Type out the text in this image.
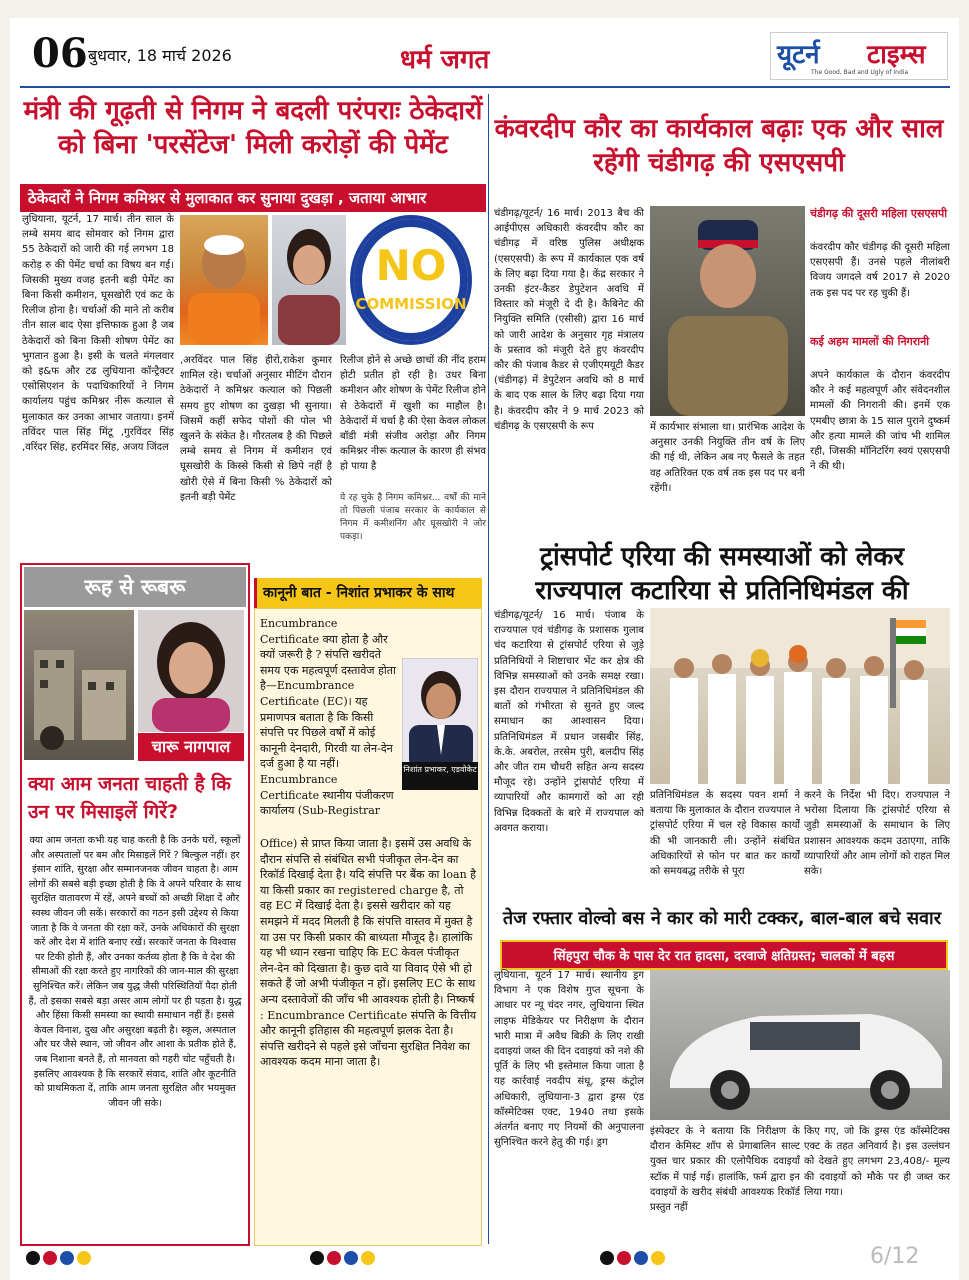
06 बुधवार, 18 मार्च 2026	धर्म जगत	यूटर्न टाइम्स
The Good, Bad and Ugly of India
मंत्री की गूढ़ती से निगम ने बदली परंपराः ठेकेदारों को बिना 'परसेंटेज' मिली करोड़ों की पेमेंट
ठेकेदारों ने निगम कमिश्नर से मुलाकात कर सुनाया दुखड़ा , जताया आभार
लुधियाना, यूटर्न, 17 मार्च। तीन साल के लम्बे समय बाद सोमवार को निगम द्वारा 55 ठेकेदारों को जारी की गई लगभग 18 करोड़ रु की पेमेंट चर्चा का विषय बन गई। जिसकी मुख्य वजह इतनी बड़ी पेमेंट का बिना किसी कमीशन, घूसखोरी एवं कट के रिलीज होना है। चर्चाओं की माने तो करीब तीन साल बाद ऐसा इत्तिफाक हुआ है जब ठेकेदारों को बिना किसी शोषण पेमेंट का भुगतान हुआ है। इसी के चलते मंगलवार को इ&फ और टढ लुधियाना कॉन्ट्रैक्टर एसोसिएशन के पदाधिकारियों ने निगम कार्यालय पहुंच कमिश्नर नीरू कत्याल से मुलाकात कर उनका आभार जताया। इनमें तविंदर पाल सिंह मिंटू ,गुरविंदर सिंह ,वरिंदर सिंह, हरमिंदर सिंह, अजय जिंदल
NO
COMMISSION
,अरविंदर पाल सिंह हीरो,राकेश कुमार शामिल रहे। चर्चाओं अनुसार मीटिंग दौरान ठेकेदारों ने कमिश्नर कत्याल को पिछली समय हुए शोषण का दुखड़ा भी सुनाया। जिसमें कहीं सफेद पोशों की पोल भी खुलने के संकेत है। गौरतलब है की पिछले लम्बे समय से निगम में कमीशन एवं घूसखोरी के किस्से किसी से छिपे नहीं है खोरी ऐसे में बिना किसी % ठेकेदारों को इतनी बड़ी पेमेंट
रिलीज होने से अच्छे छाचों की नींद हराम होटी प्रतीत हो रही है। उधर बिना कमीशन और शोषण के पेमेंट रिलीज होने से ठेकेदारों में खुशी का माहौल है। ठेकेदारों में चर्चा है की ऐसा केवल लोकल बॉडी मंत्री संजीव अरोड़ा और निगम कमिश्नर नीरू कत्याल के कारण ही संभव हो पाया है
ये रह चुके है निगम कमिश्नर... वर्षों की माने तो पिछली पंजाब सरकार के कार्यकाल से निगम में कमीशनिंग और घूसखोरी ने जोर पकड़ा।
कंवरदीप कौर का कार्यकाल बढ़ाः एक और साल रहेंगी चंडीगढ़ की एसएसपी
चंडीगढ़/यूटर्न/ 16 मार्च। 2013 बैच की आईपीएस अधिकारी कंवरदीप कौर का चंडीगढ़ में वरिष्ठ पुलिस अधीक्षक (एसएसपी) के रूप में कार्यकाल एक वर्ष के लिए बढ़ा दिया गया है। केंद्र सरकार ने उनकी इंटर-कैडर डेपुटेशन अवधि में विस्तार को मंजूरी दे दी है। कैबिनेट की नियुक्ति समिति (एसीसी) द्वारा 16 मार्च को जारी आदेश के अनुसार गृह मंत्रालय के प्रस्ताव को मंजूरी देते हुए कंवरदीप कौर की पंजाब कैडर से एजीएमयूटी कैडर (चंडीगढ़) में डेपुटेशन अवधि को 8 मार्च के बाद एक साल के लिए बढ़ा दिया गया है। कंवरदीप कौर ने 9 मार्च 2023 को चंडीगढ़ के एसएसपी के रूप	में कार्यभार संभाला था। प्रारंभिक आदेश के अनुसार उनकी नियुक्ति तीन वर्ष के लिए की गई थी, लेकिन अब नए फैसले के तहत वह अतिरिक्त एक वर्ष तक इस पद पर बनी रहेंगी।
चंडीगढ़ की दूसरी महिला एसएसपी
कंवरदीप कौर चंडीगढ़ की दूसरी महिला एसएसपी हैं। उनसे पहले नीलांबरी विजय जगदले वर्ष 2017 से 2020 तक इस पद पर रह चुकी हैं।
कई अहम मामलों की निगरानी
अपने कार्यकाल के दौरान कंवरदीप कौर ने कई महत्वपूर्ण और संवेदनशील मामलों की निगरानी की। इनमें एक एमबीए छात्रा के 15 साल पुराने दुष्कर्म और हत्या मामले की जांच भी शामिल रही, जिसकी मॉनिटरिंग स्वयं एसएसपी ने की थी।
ट्रांसपोर्ट एरिया की समस्याओं को लेकर राज्यपाल कटारिया से प्रतिनिधिमंडल की
चंडीगढ़/यूटर्न/ 16 मार्च। पंजाब के राज्यपाल एवं चंडीगढ़ के प्रशासक गुलाब चंद कटारिया से ट्रांसपोर्ट एरिया से जुड़े प्रतिनिधियों ने शिष्टाचार भेंट कर क्षेत्र की विभिन्न समस्याओं को उनके समक्ष रखा। इस दौरान राज्यपाल ने प्रतिनिधिमंडल की बातों को गंभीरता से सुनते हुए जल्द समाधान का आश्वासन दिया। प्रतिनिधिमंडल में प्रधान जसबीर सिंह, के.के. अबरोल, तरसेम पुरी, बलदीप सिंह और जीत राम चौधरी सहित अन्य सदस्य मौजूद रहे। उन्होंने ट्रांसपोर्ट एरिया में व्यापारियों और कामगारों को आ रही विभिन्न दिक्कतों के बारे में राज्यपाल को अवगत कराया।
प्रतिनिधिमंडल के सदस्य पवन शर्मा ने बताया कि मुलाकात के दौरान राज्यपाल ने ट्रांसपोर्ट एरिया में चल रहे विकास कार्यों की भी जानकारी ली। उन्होंने संबंधित अधिकारियों से फोन पर बात कर कार्यों को समयबद्ध तरीके से पूरा
करने के निर्देश भी दिए। राज्यपाल ने भरोसा दिलाया कि ट्रांसपोर्ट एरिया से जुड़ी समस्याओं के समाधान के लिए प्रशासन आवश्यक कदम उठाएगा, ताकि व्यापारियों और आम लोगों को राहत मिल सके।
तेज रफ्तार वोल्वो बस ने कार को मारी टक्कर, बाल-बाल बचे सवार
सिंहपुरा चौक के पास देर रात हादसा, दरवाजे क्षतिग्रस्त; चालकों में बहस
लुधियाना, यूटर्न 17 मार्च। स्थानीय ड्रग विभाग ने एक विशेष गुप्त सूचना के आधार पर न्यू चंदर नगर, लुधियाना स्थित लाइफ मेडिकेयर पर निरीक्षण के दौरान भारी मात्रा में अवैध बिक्री के लिए राखी दवाइयां जब्त की दिन दवाइयां को नशे की पूर्ति के लिए भी इस्तेमाल किया जाता है यह कार्रवाई नवदीप संधू, ड्रग्स कंट्रोल अधिकारी, लुधियाना-3 द्वारा ड्रग्स एंड कॉस्मेटिक्स एक्ट, 1940 तथा इसके अंतर्गत बनाए गए नियमों की अनुपालना सुनिश्चित करने हेतु की गई। ड्रग
इंस्पेक्टर के ने बताया कि निरीक्षण के दौरान केमिस्ट शॉप से प्रेगाबालिन साल्ट युक्त चार प्रकार की एलोपैथिक दवाइयाँ स्टॉक में पाई गई। हालांकि, फर्म द्वारा इन दवाइयों के खरीद संबंधी आवश्यक रिकॉर्ड प्रस्तुत नहीं
किए गए, जो कि ड्रग्स एंड कॉस्मेटिक्स एक्ट के तहत अनिवार्य है। इस उल्लंघन को देखते हुए लगभग 23,408/- मूल्य की दवाइयों को मौके पर ही जब्त कर लिया गया।
रूह से रूबरू
चारू नागपाल
क्या आम जनता चाहती है कि उन पर मिसाइलें गिरें?
क्या आम जनता कभी यह चाह करती है कि उनके घरों, स्कूलों और अस्पतालों पर बम और मिसाइलें गिरें ? बिल्कुल नहीं। हर इंसान शांति, सुरक्षा और सम्मानजनक जीवन चाहता है। आम लोगों की सबसे बड़ी इच्छा होती है कि वे अपने परिवार के साथ सुरक्षित वातावरण में रहें, अपने बच्चों को अच्छी शिक्षा दें और स्वस्थ जीवन जी सकें। सरकारों का गठन इसी उद्देश्य से किया जाता है कि वे जनता की रक्षा करें, उनके अधिकारों की सुरक्षा करें और देश में शांति बनाए रखें। सरकारें जनता के विश्वास पर टिकी होती हैं, और उनका कर्तव्य होता है कि वे देश की सीमाओं की रक्षा करते हुए नागरिकों की जान-माल की सुरक्षा सुनिश्चित करें। लेकिन जब युद्ध जैसी परिस्थितियाँ पैदा होती हैं, तो इसका सबसे बड़ा असर आम लोगों पर ही पड़ता है। युद्ध और हिंसा किसी समस्या का स्थायी समाधान नहीं हैं। इससे केवल विनाश, दुख और असुरक्षा बढ़ती है। स्कूल, अस्पताल और घर जैसे स्थान, जो जीवन और आशा के प्रतीक होते हैं, जब निशाना बनते हैं, तो मानवता को गहरी चोट पहुँचती है। इसलिए आवश्यक है कि सरकारें संवाद, शांति और कूटनीति को प्राथमिकता दें, ताकि आम जनता सुरक्षित और भयमुक्त जीवन जी सके।
कानूनी बात - निशांत प्रभाकर के साथ
निशांत प्रभाकर, एडवोकेट
Encumbrance Certificate क्या होता है और क्यों जरूरी है ? संपत्ति खरीदते समय एक महत्वपूर्ण दस्तावेज होता है—Encumbrance Certificate (EC)। यह प्रमाणपत्र बताता है कि किसी संपत्ति पर पिछले वर्षों में कोई कानूनी देनदारी, गिरवी या लेन-देन दर्ज हुआ है या नहीं। Encumbrance Certificate स्थानीय पंजीकरण कार्यालय (Sub-Registrar
Office) से प्राप्त किया जाता है। इसमें उस अवधि के दौरान संपत्ति से संबंधित सभी पंजीकृत लेन-देन का रिकॉर्ड दिखाई देता है। यदि संपत्ति पर बैंक का loan है या किसी प्रकार का registered charge है, तो वह EC में दिखाई देता है। इससे खरीदार को यह समझने में मदद मिलती है कि संपत्ति वास्तव में मुक्त है या उस पर किसी प्रकार की बाध्यता मौजूद है। हालांकि यह भी ध्यान रखना चाहिए कि EC केवल पंजीकृत लेन-देन को दिखाता है। कुछ दावे या विवाद ऐसे भी हो सकते हैं जो अभी पंजीकृत न हों। इसलिए EC के साथ अन्य दस्तावेजों की जाँच भी आवश्यक होती है। निष्कर्ष : Encumbrance Certificate संपत्ति के वित्तीय और कानूनी इतिहास की महत्वपूर्ण झलक देता है। संपत्ति खरीदने से पहले इसे जाँचना सुरक्षित निवेश का आवश्यक कदम माना जाता है।
6/12
